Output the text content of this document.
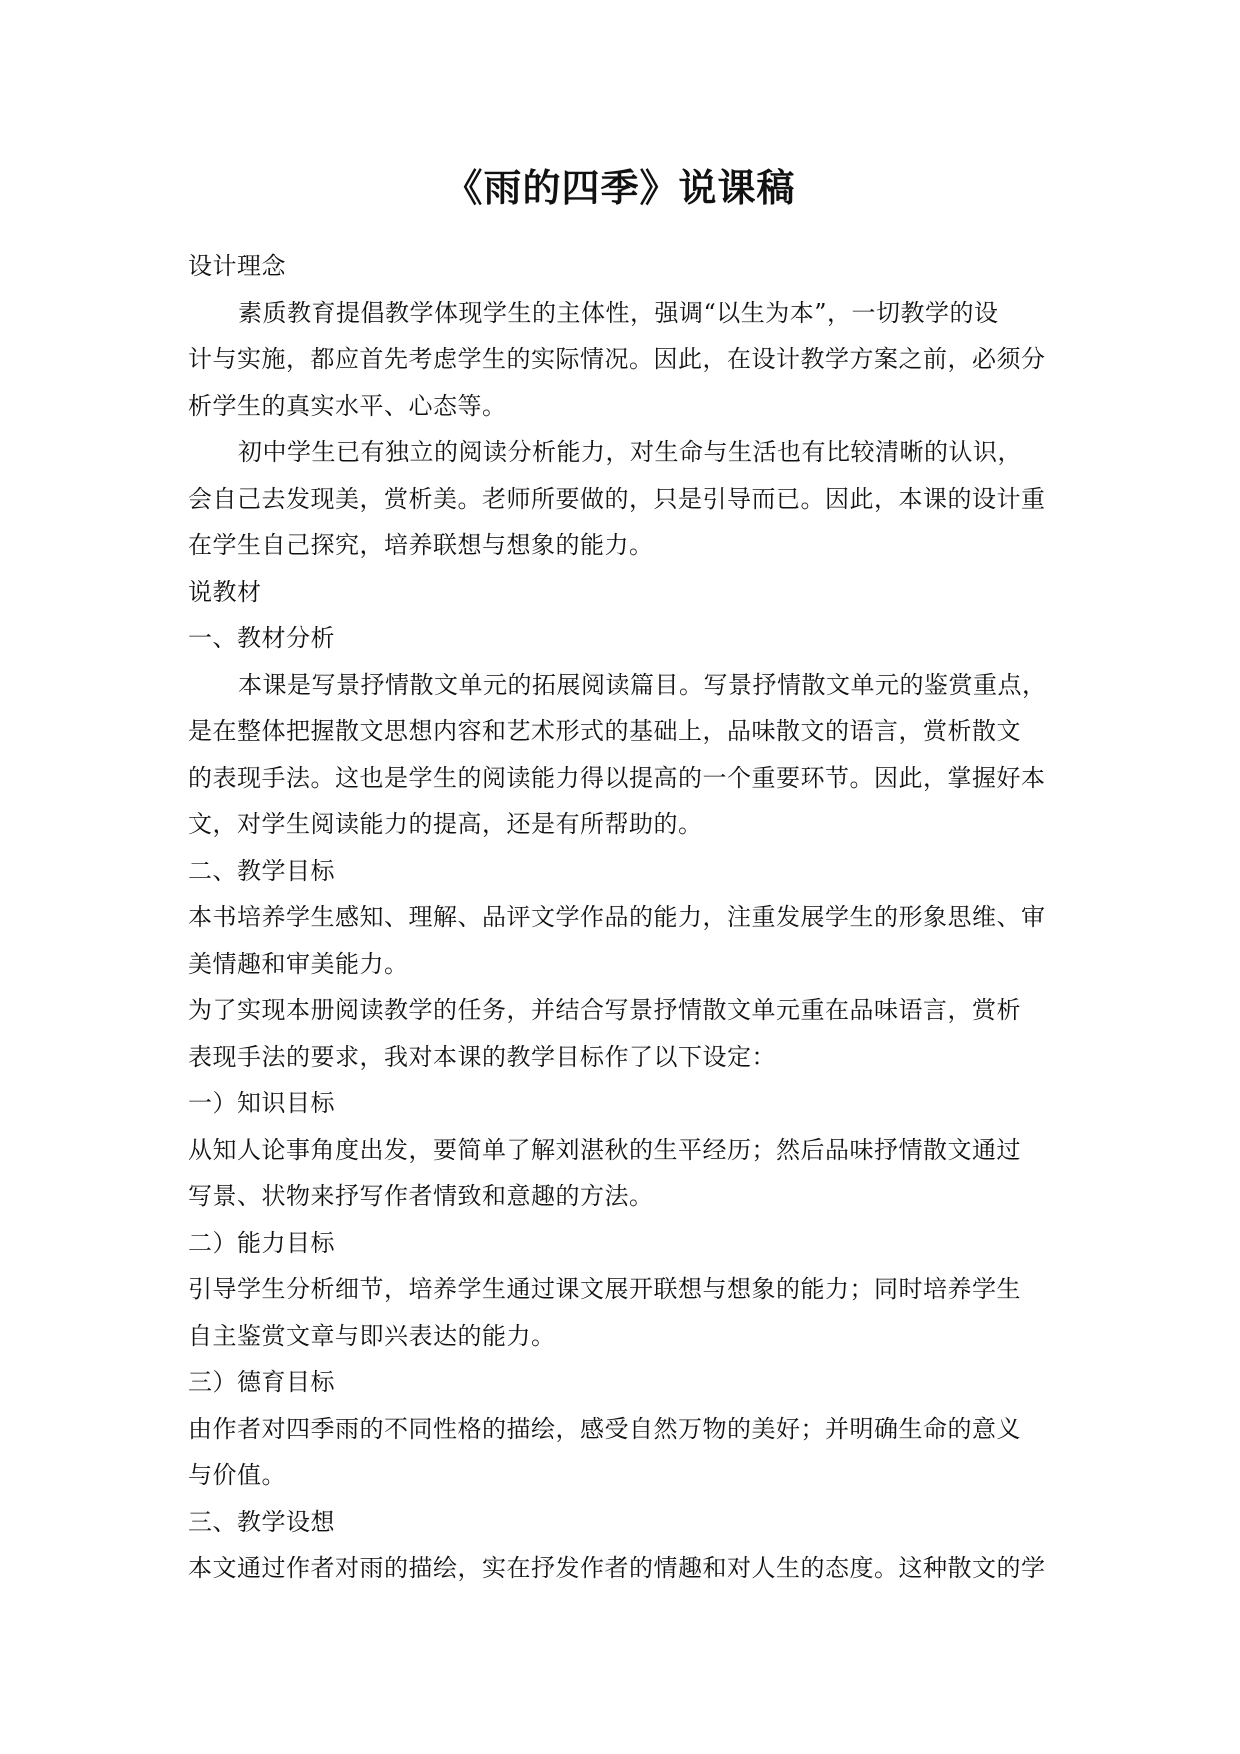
《雨的四季》说课稿
设计理念
素质教育提倡教学体现学生的主体性，强调“以生为本”，一切教学的设
计与实施，都应首先考虑学生的实际情况。因此，在设计教学方案之前，必须分
析学生的真实水平、心态等。
初中学生已有独立的阅读分析能力，对生命与生活也有比较清晰的认识，
会自己去发现美，赏析美。老师所要做的，只是引导而已。因此，本课的设计重
在学生自己探究，培养联想与想象的能力。
说教材
一、教材分析
本课是写景抒情散文单元的拓展阅读篇目。写景抒情散文单元的鉴赏重点，
是在整体把握散文思想内容和艺术形式的基础上，品味散文的语言，赏析散文
的表现手法。这也是学生的阅读能力得以提高的一个重要环节。因此，掌握好本
文，对学生阅读能力的提高，还是有所帮助的。
二、教学目标
本书培养学生感知、理解、品评文学作品的能力，注重发展学生的形象思维、审
美情趣和审美能力。
为了实现本册阅读教学的任务，并结合写景抒情散文单元重在品味语言，赏析
表现手法的要求，我对本课的教学目标作了以下设定：
一）知识目标
从知人论事角度出发，要简单了解刘湛秋的生平经历；然后品味抒情散文通过
写景、状物来抒写作者情致和意趣的方法。
二）能力目标
引导学生分析细节，培养学生通过课文展开联想与想象的能力；同时培养学生
自主鉴赏文章与即兴表达的能力。
三）德育目标
由作者对四季雨的不同性格的描绘，感受自然万物的美好；并明确生命的意义
与价值。
三、教学设想
本文通过作者对雨的描绘，实在抒发作者的情趣和对人生的态度。这种散文的学
